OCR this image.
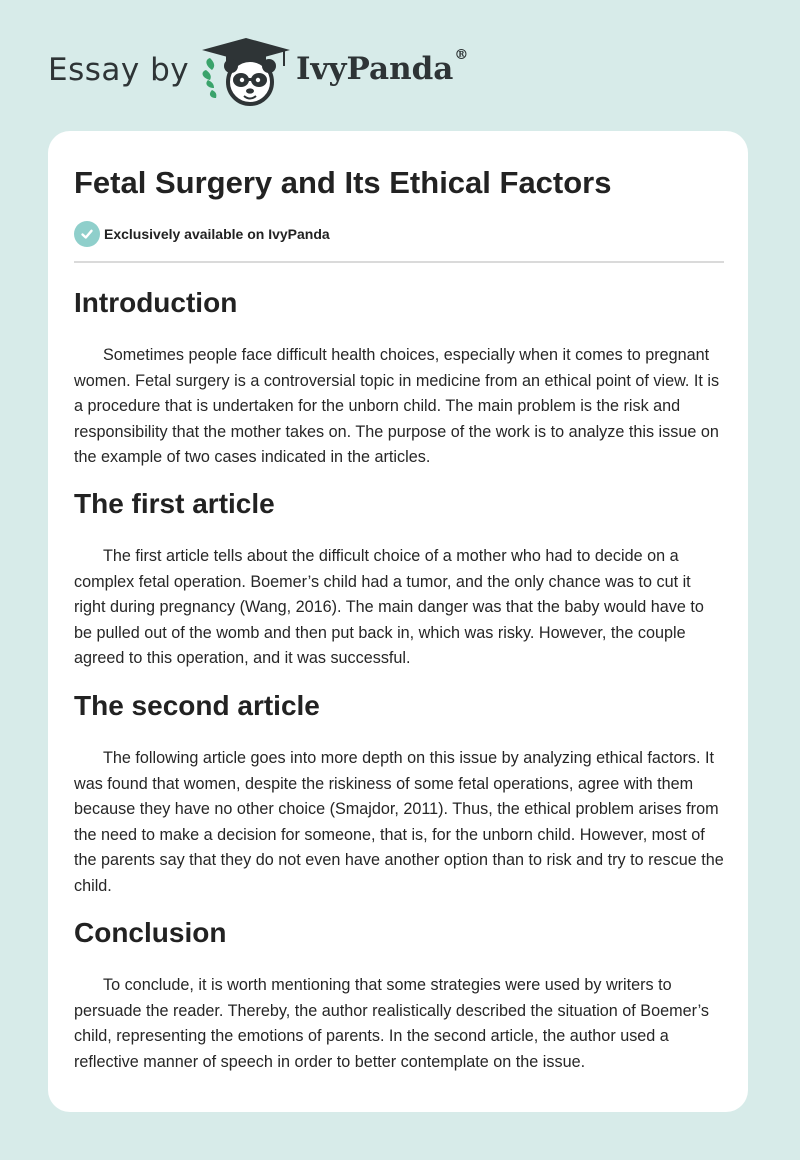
Essay by	IvyPanda®
Fetal Surgery and Its Ethical Factors
Exclusively available on IvyPanda
Introduction

Sometimes people face difficult health choices, especially when it comes to pregnant women. Fetal surgery is a controversial topic in medicine from an ethical point of view. It is a procedure that is undertaken for the unborn child. The main problem is the risk and responsibility that the mother takes on. The purpose of the work is to analyze this issue on the example of two cases indicated in the articles.

The first article

The first article tells about the difficult choice of a mother who had to decide on a complex fetal operation. Boemer’s child had a tumor, and the only chance was to cut it right during pregnancy (Wang, 2016). The main danger was that the baby would have to be pulled out of the womb and then put back in, which was risky. However, the couple agreed to this operation, and it was successful.

The second article

The following article goes into more depth on this issue by analyzing ethical factors. It was found that women, despite the riskiness of some fetal operations, agree with them because they have no other choice (Smajdor, 2011). Thus, the ethical problem arises from the need to make a decision for someone, that is, for the unborn child. However, most of the parents say that they do not even have another option than to risk and try to rescue the child.

Conclusion

To conclude, it is worth mentioning that some strategies were used by writers to persuade the reader. Thereby, the author realistically described the situation of Boemer’s child, representing the emotions of parents. In the second article, the author used a reflective manner of speech in order to better contemplate on the issue.
